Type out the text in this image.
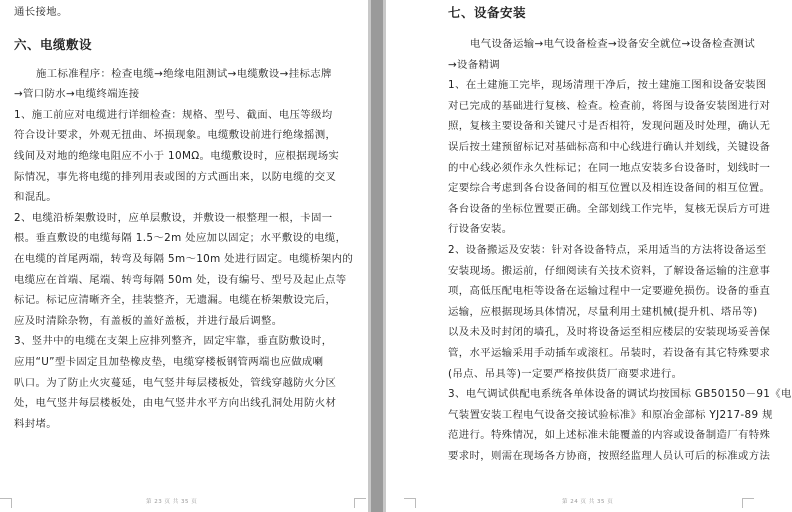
通长接地。
六、电缆敷设
施工标准程序：检查电缆→绝缘电阻测试→电缆敷设→挂标志牌
→管口防水→电缆终端连接
1、施工前应对电缆进行详细检查：规格、型号、截面、电压等级均
符合设计要求，外观无扭曲、坏损现象。电缆敷设前进行绝缘摇测，
线间及对地的绝缘电阻应不小于 10MΩ。电缆敷设时，应根据现场实
际情况，事先将电缆的排列用表或图的方式画出来，以防电缆的交叉
和混乱。
2、电缆沿桥架敷设时，应单层敷设，并敷设一根整理一根，卡固一
根。垂直敷设的电缆每隔 1.5～2m 处应加以固定；水平敷设的电缆，
在电缆的首尾两端，转弯及每隔 5m～10m 处进行固定。电缆桥架内的
电缆应在首端、尾端、转弯每隔 50m 处，设有编号、型号及起止点等
标记。标记应清晰齐全，挂装整齐，无遗漏。电缆在桥架敷设完后，
应及时清除杂物，有盖板的盖好盖板，并进行最后调整。
3、竖井中的电缆在支架上应排列整齐，固定牢靠，垂直防敷设时，
应用“U”型卡固定且加垫橡皮垫，电缆穿楼板钢管两端也应做成喇
叭口。为了防止火灾蔓延，电气竖井每层楼板处，管线穿越防火分区
处，电气竖井每层楼板处，由电气竖井水平方向出线孔洞处用防火材
料封堵。
第 23 页 共 35 页
七、设备安装
电气设备运输→电气设备检查→设备安全就位→设备检查测试
→设备精调
1、在土建施工完毕，现场清理干净后，按土建施工图和设备安装图
对已完成的基础进行复核、检查。检查前，将图与设备安装图进行对
照，复核主要设备和关键尺寸是否相符，发现问题及时处理，确认无
误后按土建预留标记对基础标高和中心线进行确认并划线，关键设备
的中心线必须作永久性标记；在同一地点安装多台设备时，划线时一
定要综合考虑到各台设备间的相互位置以及相连设备间的相互位置。
各台设备的坐标位置要正确。全部划线工作完毕，复核无误后方可进
行设备安装。
2、设备搬运及安装：针对各设备特点，采用适当的方法将设备运至
安装现场。搬运前，仔细阅读有关技术资料，了解设备运输的注意事
项，高低压配电柜等设备在运输过程中一定要避免损伤。设备的垂直
运输，应根据现场具体情况，尽量利用土建机械(提升机、塔吊等)
以及未及时封闭的墙孔，及时将设备运至相应楼层的安装现场妥善保
管，水平运输采用手动插车或滚杠。吊装时，若设备有其它特殊要求
(吊点、吊具等)一定要严格按供货厂商要求进行。
3、电气调试供配电系统各单体设备的调试均按国标 GB50150－91《电
气装置安装工程电气设备交接试验标准》和原冶金部标 YJ217-89 规
范进行。特殊情况，如上述标准未能覆盖的内容或设备制造厂有特殊
要求时，则需在现场各方协商，按照经监理人员认可后的标准或方法
第 24 页 共 35 页
